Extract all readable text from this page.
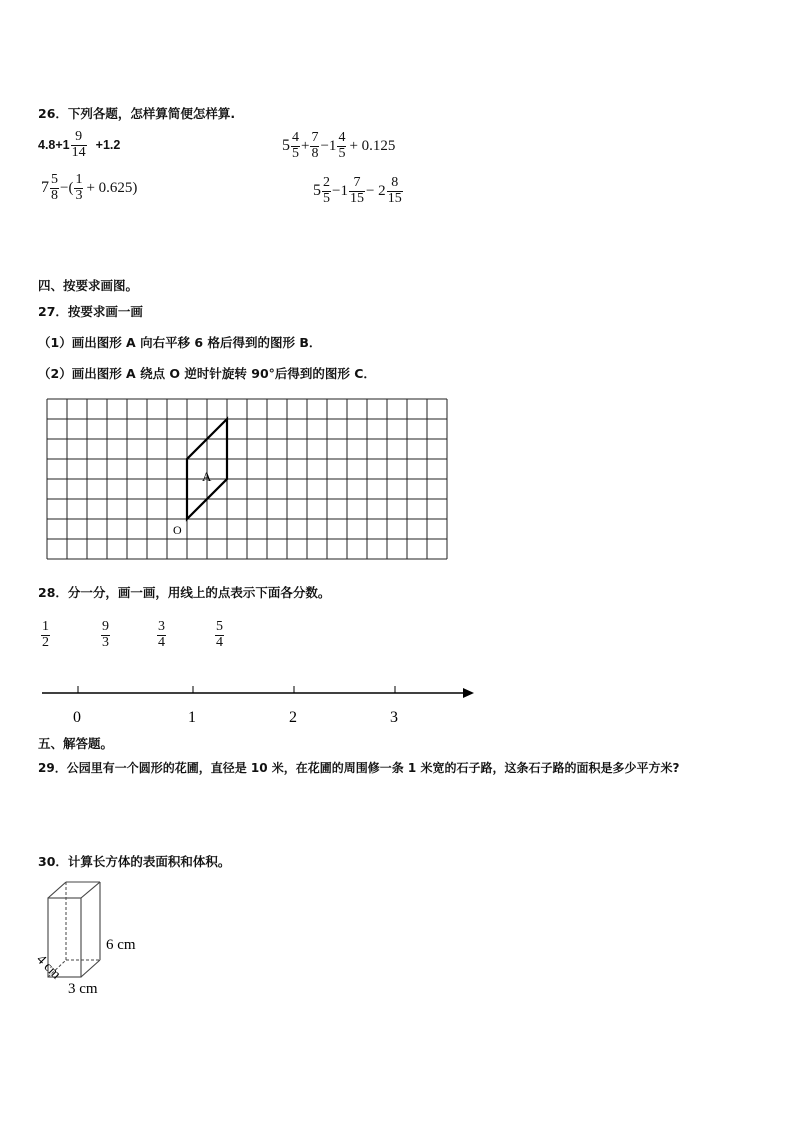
26．下列各题，怎样算简便怎样算.
$4.8+1 \frac{9}{14} +1.2$	$5 \frac{4}{5} + \frac{7}{8} -1 \frac{4}{5} + 0.125$
$7 \frac{5}{8}$ −( $\frac{1}{3} + 0.625$)	$5 \frac{2}{5} -1 \frac{7}{15} - 2 \frac{8}{15}$
四、按要求画图。
27．按要求画一画
（1）画出图形 A 向右平移 6 格后得到的图形 B．
（2）画出图形 A 绕点 O 逆时针旋转 90°后得到的图形 C．
A
O
28．分一分，画一画，用线上的点表示下面各分数。
$\frac{1}{2}$	$\frac{9}{3}$	$\frac{3}{4}$	$\frac{5}{4}$
0	1	2	3
五、解答题。
29．公园里有一个圆形的花圃，直径是 10 米，在花圃的周围修一条 1 米宽的石子路，这条石子路的面积是多少平方米?
30．计算长方体的表面积和体积。
6 cm
4 cm
3 cm
